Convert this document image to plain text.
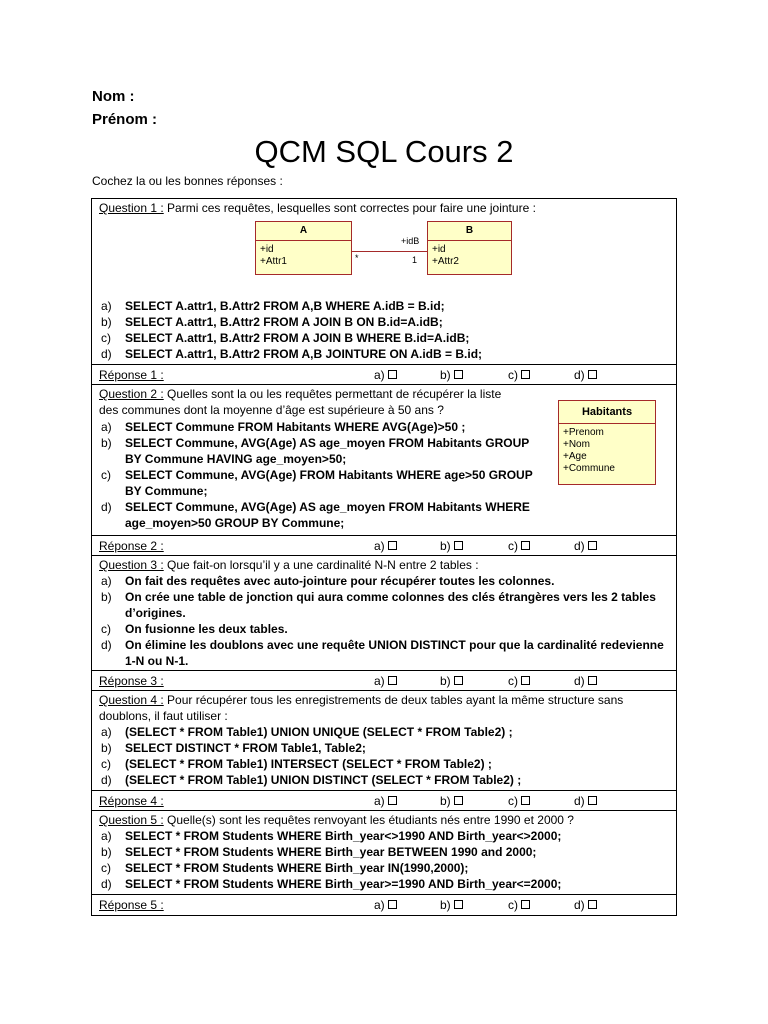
Nom :
Prénom :
QCM SQL Cours 2
Cochez la ou les bonnes réponses :
Question 1 : Parmi ces requêtes, lesquelles sont correctes pour faire une jointure :
A
+id
+Attr1
+idB
*	1
B
+id
+Attr2
a) SELECT A.attr1, B.Attr2 FROM A,B WHERE A.idB = B.id;
b) SELECT A.attr1, B.Attr2 FROM A JOIN B ON B.id=A.idB;
c) SELECT A.attr1, B.Attr2 FROM A JOIN B WHERE B.id=A.idB;
d) SELECT A.attr1, B.Attr2 FROM A,B JOINTURE ON A.idB = B.id;
Réponse 1 :	a)	b)	c)	d)
Question 2 : Quelles sont la ou les requêtes permettant de récupérer la liste des communes dont la moyenne d’âge est supérieure à 50 ans ?
a) SELECT Commune FROM Habitants WHERE AVG(Age)>50 ;
b) SELECT Commune, AVG(Age) AS age_moyen FROM Habitants GROUP BY Commune HAVING age_moyen>50;
c) SELECT Commune, AVG(Age) FROM Habitants WHERE age>50 GROUP BY Commune;
d) SELECT Commune, AVG(Age) AS age_moyen FROM Habitants WHERE age_moyen>50 GROUP BY Commune;
Habitants
+Prenom
+Nom
+Age
+Commune
Réponse 2 :	a)	b)	c)	d)
Question 3 : Que fait-on lorsqu’il y a une cardinalité N-N entre 2 tables :
a) On fait des requêtes avec auto-jointure pour récupérer toutes les colonnes.
b) On crée une table de jonction qui aura comme colonnes des clés étrangères vers les 2 tables d’origines.
c) On fusionne les deux tables.
d) On élimine les doublons avec une requête UNION DISTINCT pour que la cardinalité redevienne 1-N ou N-1.
Réponse 3 :	a)	b)	c)	d)
Question 4 : Pour récupérer tous les enregistrements de deux tables ayant la même structure sans doublons, il faut utiliser :
a) (SELECT * FROM Table1) UNION UNIQUE (SELECT * FROM Table2) ;
b) SELECT DISTINCT * FROM Table1, Table2;
c) (SELECT * FROM Table1) INTERSECT (SELECT * FROM Table2) ;
d) (SELECT * FROM Table1) UNION DISTINCT (SELECT * FROM Table2) ;
Réponse 4 :	a)	b)	c)	d)
Question 5 : Quelle(s) sont les requêtes renvoyant les étudiants nés entre 1990 et 2000 ?
a) SELECT * FROM Students WHERE Birth_year<>1990 AND Birth_year<>2000;
b) SELECT * FROM Students WHERE Birth_year BETWEEN 1990 and 2000;
c) SELECT * FROM Students WHERE Birth_year IN(1990,2000);
d) SELECT * FROM Students WHERE Birth_year>=1990 AND Birth_year<=2000;
Réponse 5 :	a)	b)	c)	d)
